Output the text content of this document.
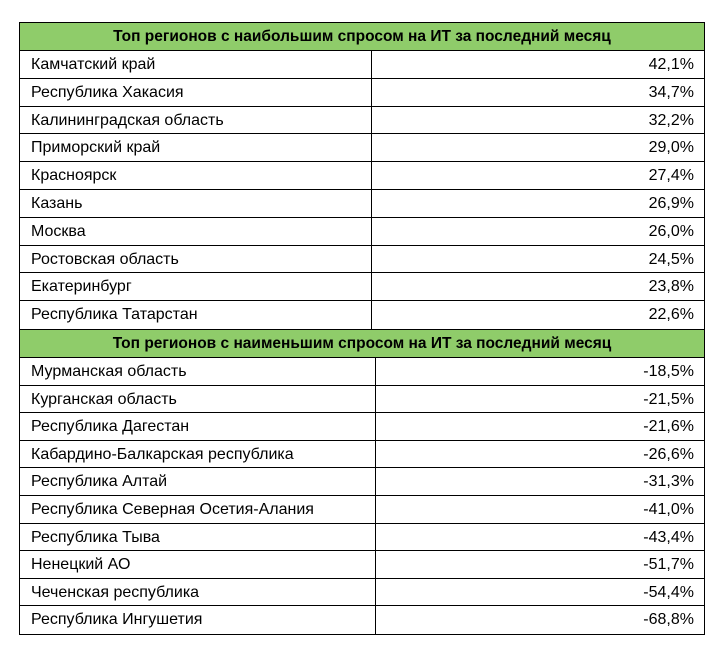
Топ регионов с наибольшим спросом на ИТ за последний месяц
Камчатский край	42,1%
Республика Хакасия	34,7%
Калининградская область	32,2%
Приморский край	29,0%
Красноярск	27,4%
Казань	26,9%
Москва	26,0%
Ростовская область	24,5%
Екатеринбург	23,8%
Республика Татарстан	22,6%
Топ регионов с наименьшим спросом на ИТ за последний месяц
Мурманская область	-18,5%
Курганская область	-21,5%
Республика Дагестан	-21,6%
Кабардино-Балкарская республика	-26,6%
Республика Алтай	-31,3%
Республика Северная Осетия-Алания	-41,0%
Республика Тыва	-43,4%
Ненецкий АО	-51,7%
Чеченская республика	-54,4%
Республика Ингушетия	-68,8%
